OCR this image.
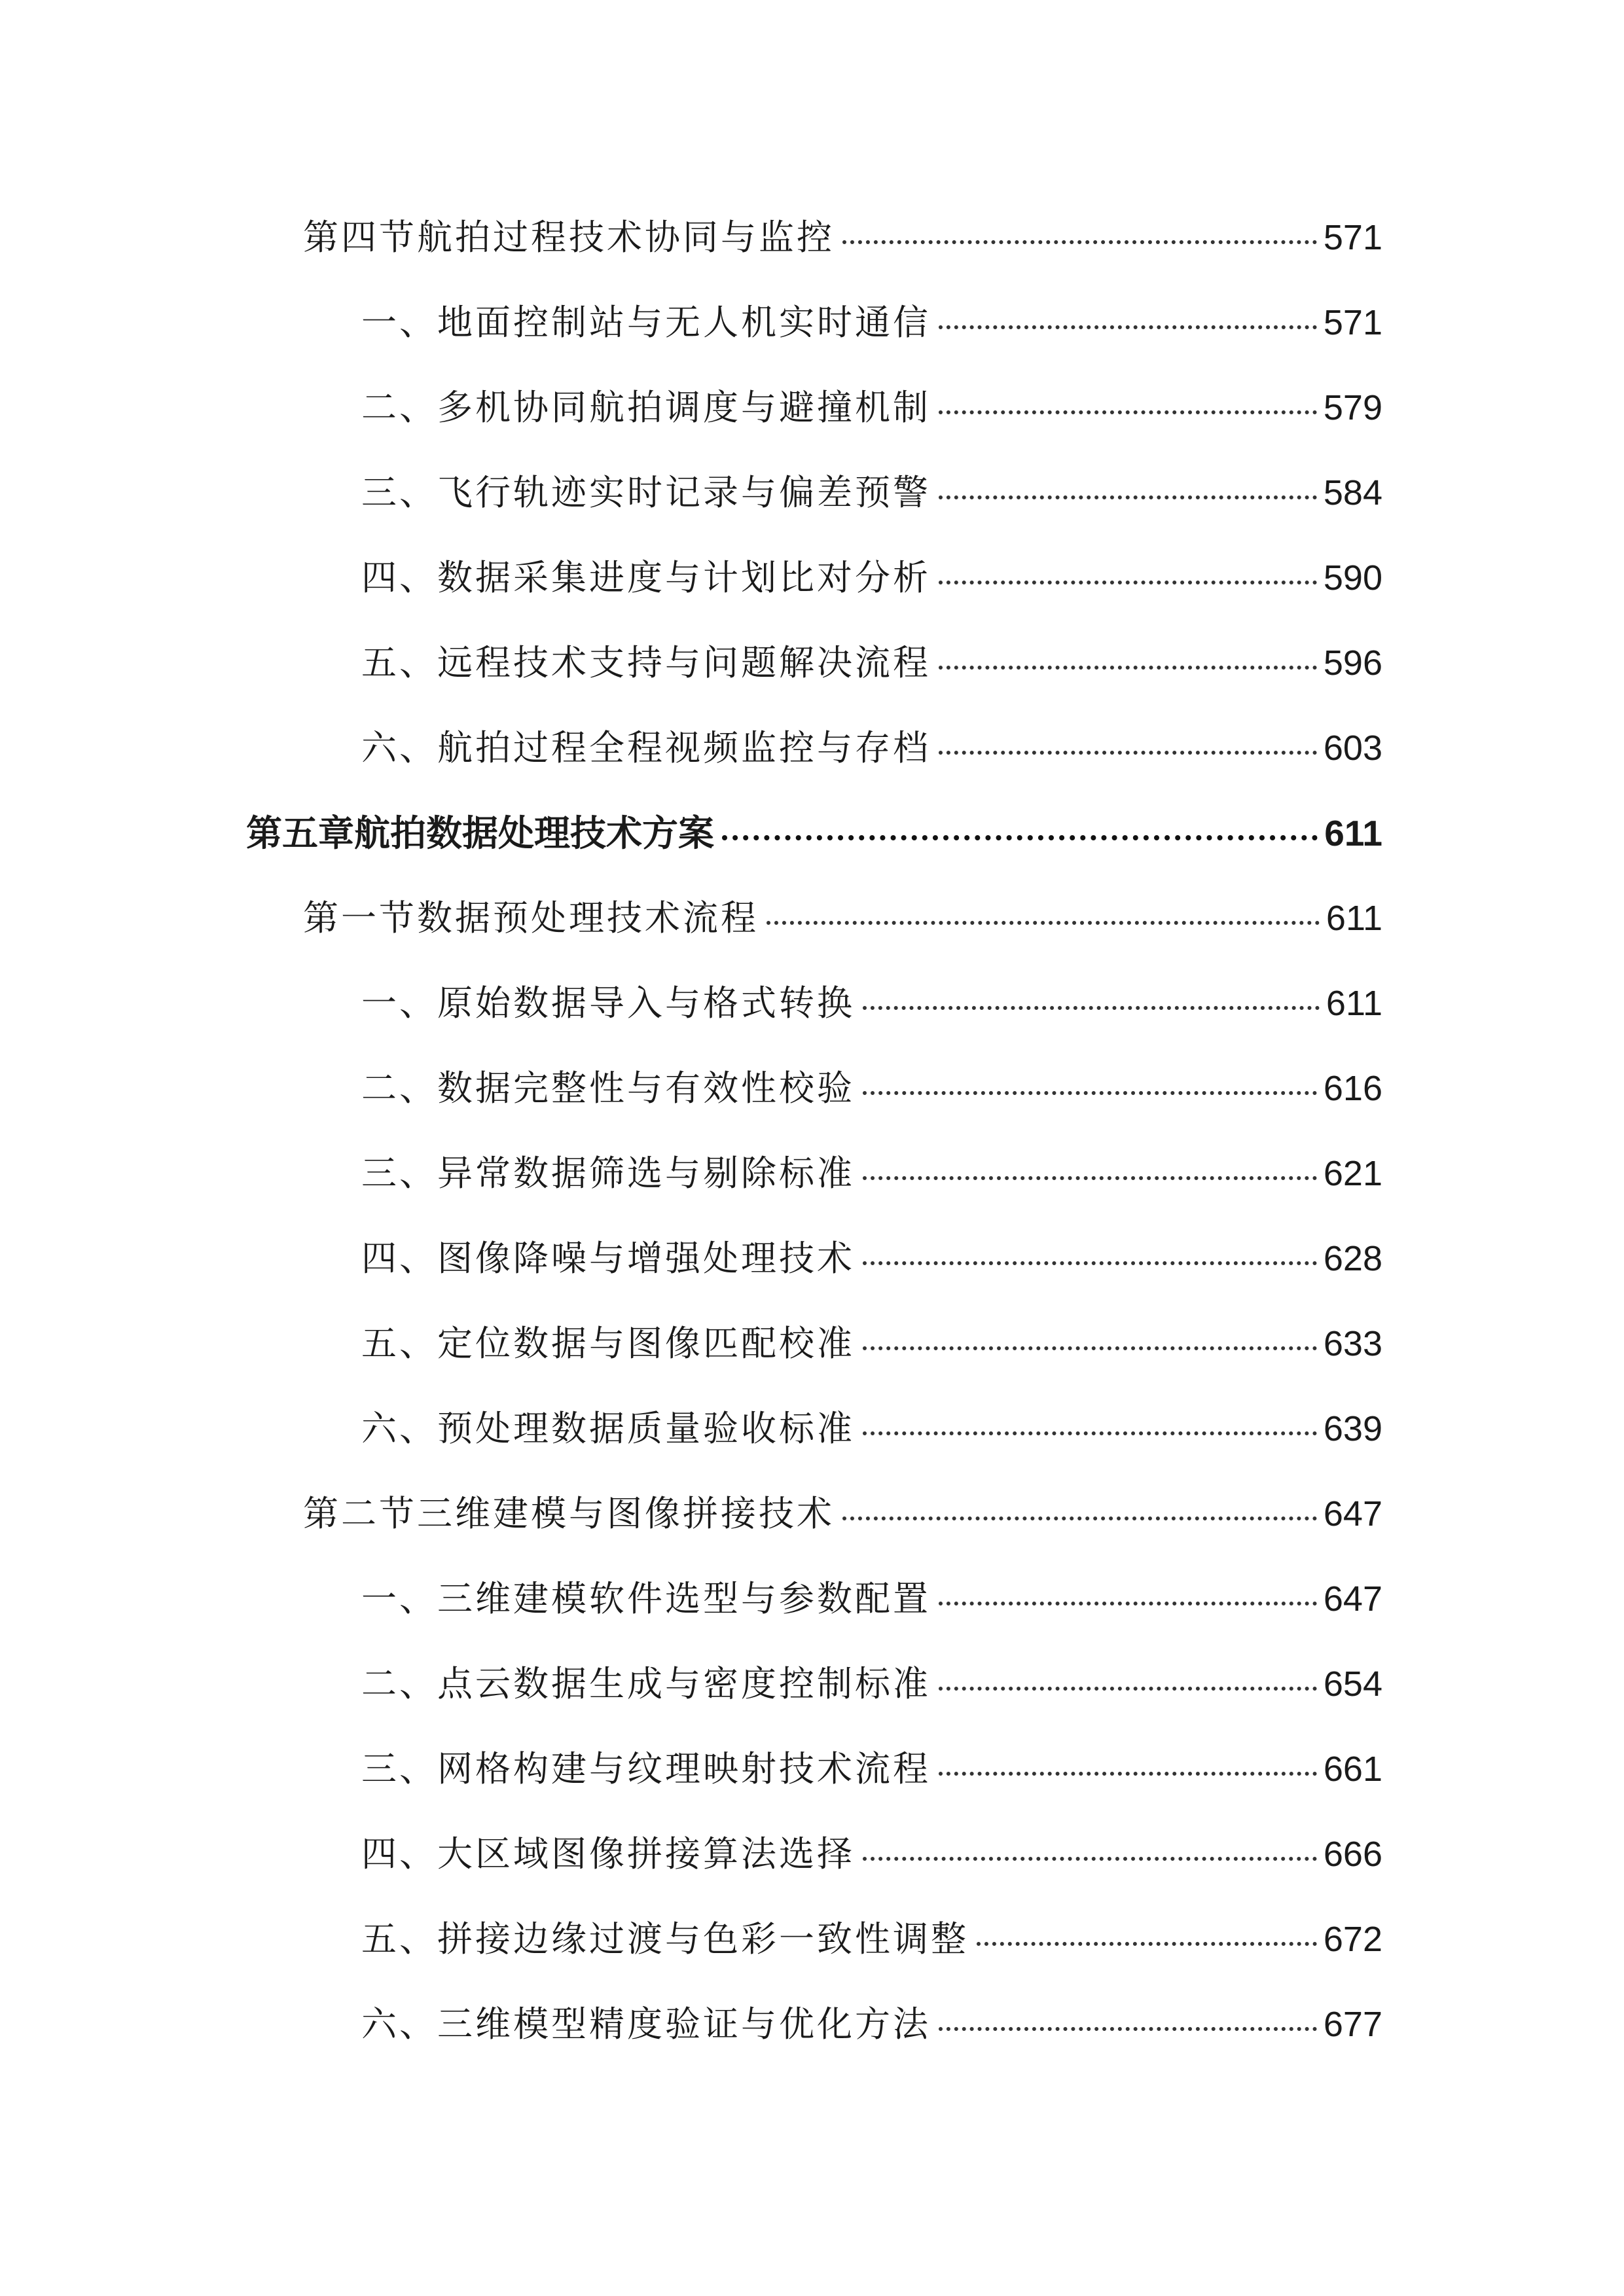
第四节航拍过程技术协同与监控	571
一、地面控制站与无人机实时通信	571
二、多机协同航拍调度与避撞机制	579
三、飞行轨迹实时记录与偏差预警	584
四、数据采集进度与计划比对分析	590
五、远程技术支持与问题解决流程	596
六、航拍过程全程视频监控与存档	603
第五章航拍数据处理技术方案	611
第一节数据预处理技术流程	611
一、原始数据导入与格式转换	611
二、数据完整性与有效性校验	616
三、异常数据筛选与剔除标准	621
四、图像降噪与增强处理技术	628
五、定位数据与图像匹配校准	633
六、预处理数据质量验收标准	639
第二节三维建模与图像拼接技术	647
一、三维建模软件选型与参数配置	647
二、点云数据生成与密度控制标准	654
三、网格构建与纹理映射技术流程	661
四、大区域图像拼接算法选择	666
五、拼接边缘过渡与色彩一致性调整	672
六、三维模型精度验证与优化方法	677
